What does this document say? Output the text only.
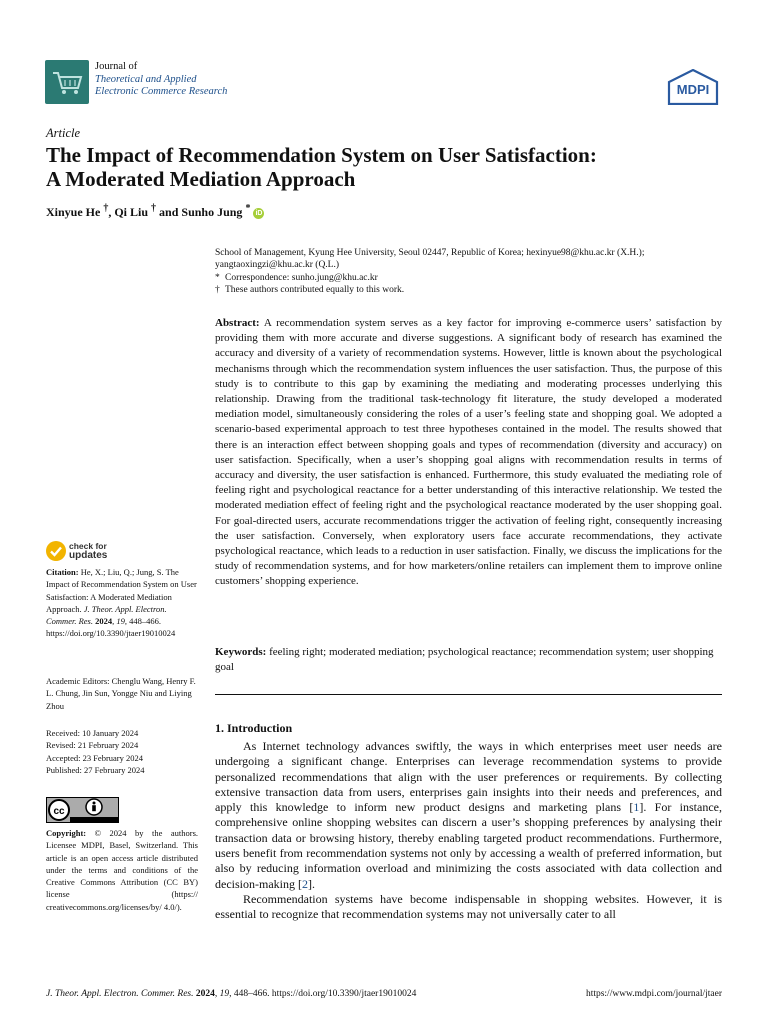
Journal of
Theoretical and Applied
Electronic Commerce Research	MDPI
Article
The Impact of Recommendation System on User Satisfaction:
A Moderated Mediation Approach
Xinyue He †, Qi Liu † and Sunho Jung * iD
School of Management, Kyung Hee University, Seoul 02447, Republic of Korea; hexinyue98@khu.ac.kr (X.H.);
yangtaoxingzi@khu.ac.kr (Q.L.)
* Correspondence: sunho.jung@khu.ac.kr
† These authors contributed equally to this work.
Abstract: A recommendation system serves as a key factor for improving e-commerce users’ satisfaction by providing them with more accurate and diverse suggestions. A significant body of research has examined the accuracy and diversity of a variety of recommendation systems. However, little is known about the psychological mechanisms through which the recommendation system influences the user satisfaction. Thus, the purpose of this study is to contribute to this gap by examining the mediating and moderating processes underlying this relationship. Drawing from the traditional task-technology fit literature, the study developed a moderated mediation model, simultaneously considering the roles of a user’s feeling state and shopping goal. We adopted a scenario-based experimental approach to test three hypotheses contained in the model. The results showed that there is an interaction effect between shopping goals and types of recommendation (diversity and accuracy) on user satisfaction. Specifically, when a user’s shopping goal aligns with recommendation results in terms of accuracy and diversity, the user satisfaction is enhanced. Furthermore, this study evaluated the mediating role of feeling right and psychological reactance for a better understanding of this interactive relationship. We tested the moderated mediation effect of feeling right and the psychological reactance moderated by the user shopping goal. For goal-directed users, accurate recommendations trigger the activation of feeling right, consequently increasing the user satisfaction. Conversely, when exploratory users face accurate recommendations, they activate psychological reactance, which leads to a reduction in user satisfaction. Finally, we discuss the implications for the study of recommendation systems, and for how marketers/online retailers can implement them to improve online customers’ shopping experience.
Keywords: feeling right; moderated mediation; psychological reactance; recommendation system; user shopping goal
1. Introduction

As Internet technology advances swiftly, the ways in which enterprises meet user needs are undergoing a significant change. Enterprises can leverage recommendation systems to provide personalized recommendations that align with the user preferences or requirements. By collecting extensive transaction data from users, enterprises gain insights into their needs and preferences, and apply this knowledge to inform new product designs and marketing plans [1]. For instance, comprehensive online shopping websites can discern a user’s shopping preferences by analysing their transaction data or browsing history, thereby enabling targeted product recommendations. Furthermore, users benefit from recommendation systems not only by accessing a wealth of preferred information, but also by reducing information overload and minimizing the costs associated with data collection and decision-making [2].

Recommendation systems have become indispensable in shopping websites. However, it is essential to recognize that recommendation systems may not universally cater to all

check for
updates
Citation: He, X.; Liu, Q.; Jung, S. The Impact of Recommendation System on User Satisfaction: A Moderated Mediation Approach. J. Theor. Appl. Electron. Commer. Res. 2024, 19, 448–466. https://doi.org/10.3390/jtaer19010024
Academic Editors: Chenglu Wang, Henry F. L. Chung, Jin Sun, Yongge Niu and Liying Zhou
Received: 10 January 2024
Revised: 21 February 2024
Accepted: 23 February 2024
Published: 27 February 2024
cc
Copyright: © 2024 by the authors. Licensee MDPI, Basel, Switzerland. This article is an open access article distributed under the terms and conditions of the Creative Commons Attribution (CC BY) license (https:// creativecommons.org/licenses/by/ 4.0/).
J. Theor. Appl. Electron. Commer. Res. 2024, 19, 448–466. https://doi.org/10.3390/jtaer19010024	https://www.mdpi.com/journal/jtaer
